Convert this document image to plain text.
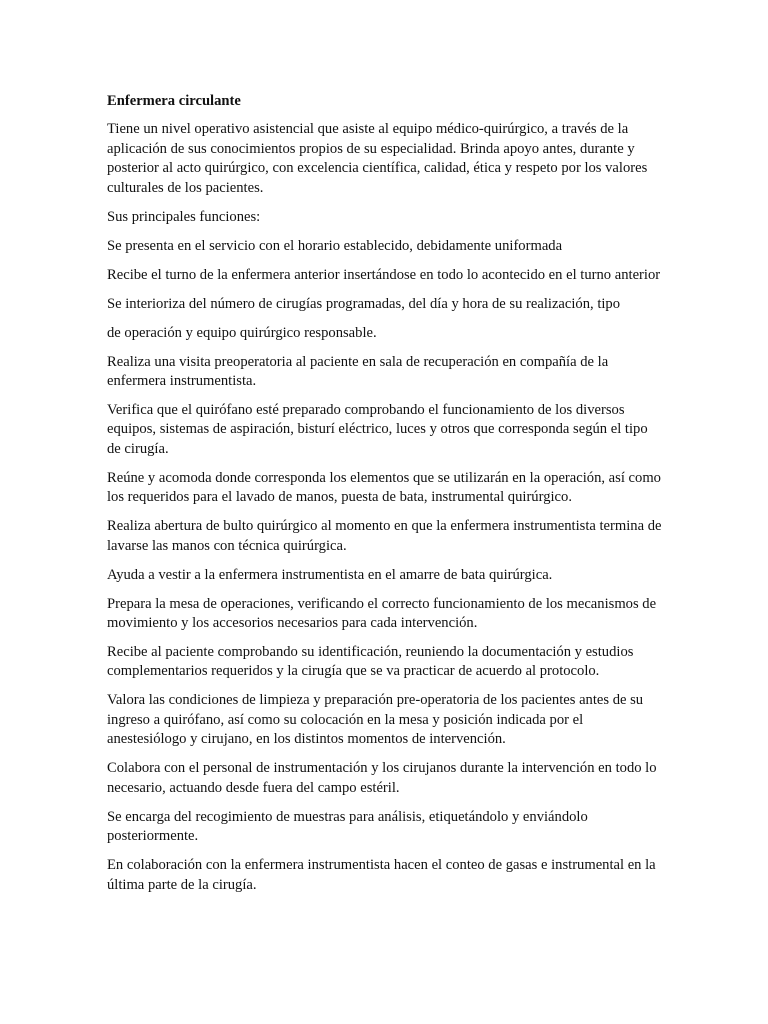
Enfermera circulante
Tiene un nivel operativo asistencial que asiste al equipo médico-quirúrgico, a través de la aplicación de sus conocimientos propios de su especialidad. Brinda apoyo antes, durante y posterior al acto quirúrgico, con excelencia científica, calidad, ética y respeto por los valores culturales de los pacientes.
Sus principales funciones:
Se presenta en el servicio con el horario establecido, debidamente uniformada
Recibe el turno de la enfermera anterior insertándose en todo lo acontecido en el turno anterior
Se interioriza del número de cirugías programadas, del día y hora de su realización, tipo
de operación y equipo quirúrgico responsable.
Realiza una visita preoperatoria al paciente en sala de recuperación en compañía de la enfermera instrumentista.
Verifica que el quirófano esté preparado comprobando el funcionamiento de los diversos equipos, sistemas de aspiración, bisturí eléctrico, luces y otros que corresponda según el tipo de cirugía.
Reúne y acomoda donde corresponda los elementos que se utilizarán en la operación, así como los requeridos para el lavado de manos, puesta de bata, instrumental quirúrgico.
Realiza abertura de bulto quirúrgico al momento en que la enfermera instrumentista termina de lavarse las manos con técnica quirúrgica.
Ayuda a vestir a la enfermera instrumentista en el amarre de bata quirúrgica.
Prepara la mesa de operaciones, verificando el correcto funcionamiento de los mecanismos de movimiento y los accesorios necesarios para cada intervención.
Recibe al paciente comprobando su identificación, reuniendo la documentación y estudios complementarios requeridos y la cirugía que se va practicar de acuerdo al protocolo.
Valora las condiciones de limpieza y preparación pre-operatoria de los pacientes antes de su ingreso a quirófano, así como su colocación en la mesa y posición indicada por el anestesiólogo y cirujano, en los distintos momentos de intervención.
Colabora con el personal de instrumentación y los cirujanos durante la intervención en todo lo necesario, actuando desde fuera del campo estéril.
Se encarga del recogimiento de muestras para análisis, etiquetándolo y enviándolo posteriormente.
En colaboración con la enfermera instrumentista hacen el conteo de gasas e instrumental en la última parte de la cirugía.
